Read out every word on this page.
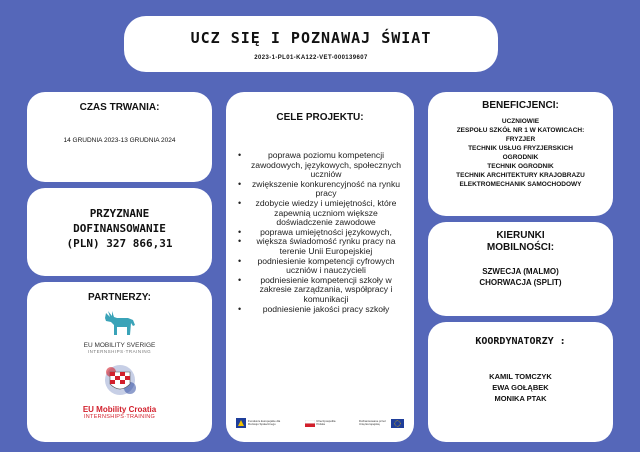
UCZ SIĘ I POZNAWAJ ŚWIAT
2023-1-PL01-KA122-VET-000139607
CZAS TRWANIA:
14 GRUDNIA 2023-13 GRUDNIA 2024
PRZYZNANE
DOFINANSOWANIE
(PLN) 327 866,31
PARTNERZY:
EU MOBILITY SVERIGE
INTERNSHIPS·TRAINING
EU Mobility Croatia
INTERNSHIPS·TRAINING
CELE PROJEKTU:
• poprawa poziomu kompetencji zawodowych, językowych, społecznych uczniów
• zwiększenie konkurencyjność na rynku pracy
• zdobycie wiedzy i umiejętności, które zapewnią uczniom większe doświadczenie zawodowe
• poprawa umiejętności językowych,
• większa świadomość rynku pracy na terenie Unii Europejskiej
• podniesienie kompetencji cyfrowych uczniów i nauczycieli
• podniesienie kompetencji szkoły w zakresie zarządzania, współpracy i komunikacji
• podniesienie jakości pracy szkoły
Fundusze Europejskie dla Rozwoju Społecznego
Rzeczpospolita Polska
Dofinansowane przez Unię Europejską
BENEFICJENCI:
UCZNIOWIE
ZESPOŁU SZKÓŁ NR 1 W KATOWICACH:
FRYZJER
TECHNIK USŁUG FRYZJERSKICH
OGRODNIK
TECHNIK OGRODNIK
TECHNIK ARCHITEKTURY KRAJOBRAZU
ELEKTROMECHANIK SAMOCHODOWY
KIERUNKI
MOBILNOŚCI:
SZWECJA (MALMO)
CHORWACJA (SPLIT)
KOORDYNATORZY :
KAMIL TOMCZYK
EWA GOŁĄBEK
MONIKA PTAK
